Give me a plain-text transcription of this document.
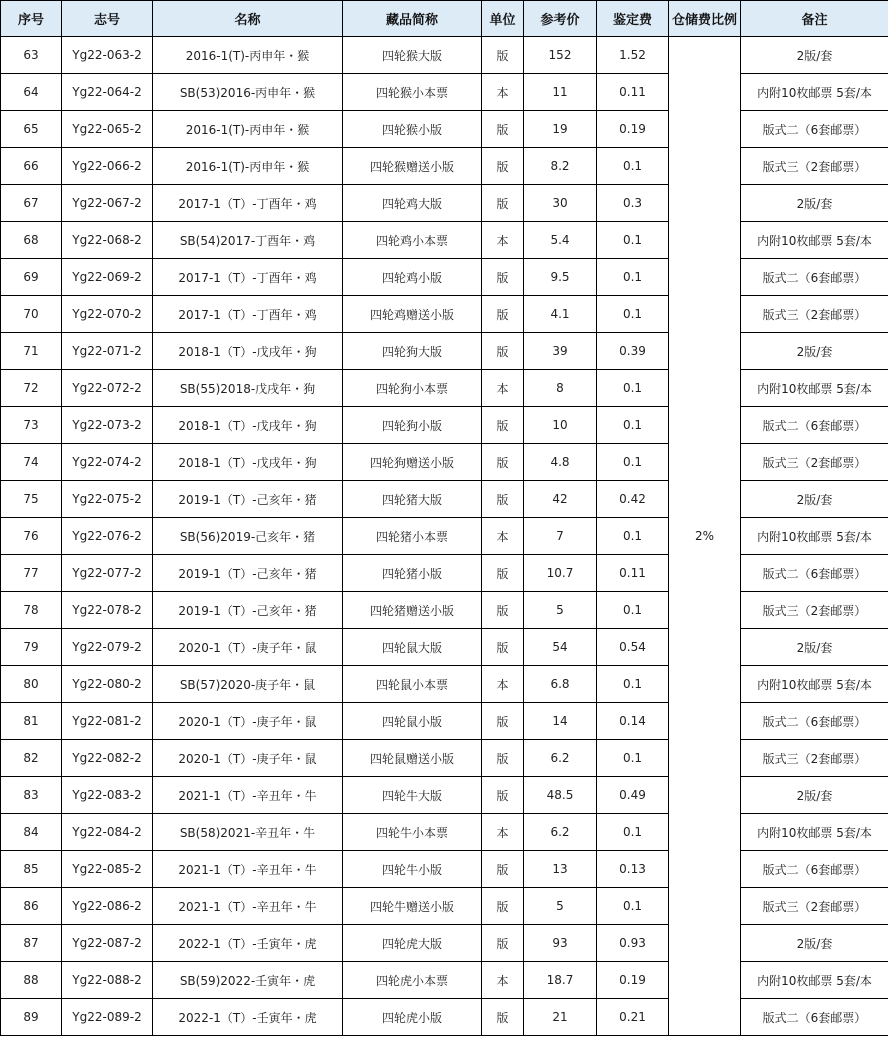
序号	志号	名称	藏品简称	单位	参考价	鉴定费	仓储费比例	备注
63	Yg22-063-2	2016-1(T)-丙申年・猴	四轮猴大版	版	152	1.52	2%	2版/套
64	Yg22-064-2	SB(53)2016-丙申年・猴	四轮猴小本票	本	11	0.11		内附10枚邮票 5套/本
65	Yg22-065-2	2016-1(T)-丙申年・猴	四轮猴小版	版	19	0.19		版式二（6套邮票）
66	Yg22-066-2	2016-1(T)-丙申年・猴	四轮猴赠送小版	版	8.2	0.1		版式三（2套邮票）
67	Yg22-067-2	2017-1（T）-丁酉年・鸡	四轮鸡大版	版	30	0.3		2版/套
68	Yg22-068-2	SB(54)2017-丁酉年・鸡	四轮鸡小本票	本	5.4	0.1		内附10枚邮票 5套/本
69	Yg22-069-2	2017-1（T）-丁酉年・鸡	四轮鸡小版	版	9.5	0.1		版式二（6套邮票）
70	Yg22-070-2	2017-1（T）-丁酉年・鸡	四轮鸡赠送小版	版	4.1	0.1		版式三（2套邮票）
71	Yg22-071-2	2018-1（T）-戊戌年・狗	四轮狗大版	版	39	0.39		2版/套
72	Yg22-072-2	SB(55)2018-戊戌年・狗	四轮狗小本票	本	8	0.1		内附10枚邮票 5套/本
73	Yg22-073-2	2018-1（T）-戊戌年・狗	四轮狗小版	版	10	0.1		版式二（6套邮票）
74	Yg22-074-2	2018-1（T）-戊戌年・狗	四轮狗赠送小版	版	4.8	0.1		版式三（2套邮票）
75	Yg22-075-2	2019-1（T）-己亥年・猪	四轮猪大版	版	42	0.42		2版/套
76	Yg22-076-2	SB(56)2019-己亥年・猪	四轮猪小本票	本	7	0.1		内附10枚邮票 5套/本
77	Yg22-077-2	2019-1（T）-己亥年・猪	四轮猪小版	版	10.7	0.11		版式二（6套邮票）
78	Yg22-078-2	2019-1（T）-己亥年・猪	四轮猪赠送小版	版	5	0.1		版式三（2套邮票）
79	Yg22-079-2	2020-1（T）-庚子年・鼠	四轮鼠大版	版	54	0.54		2版/套
80	Yg22-080-2	SB(57)2020-庚子年・鼠	四轮鼠小本票	本	6.8	0.1		内附10枚邮票 5套/本
81	Yg22-081-2	2020-1（T）-庚子年・鼠	四轮鼠小版	版	14	0.14		版式二（6套邮票）
82	Yg22-082-2	2020-1（T）-庚子年・鼠	四轮鼠赠送小版	版	6.2	0.1		版式三（2套邮票）
83	Yg22-083-2	2021-1（T）-辛丑年・牛	四轮牛大版	版	48.5	0.49		2版/套
84	Yg22-084-2	SB(58)2021-辛丑年・牛	四轮牛小本票	本	6.2	0.1		内附10枚邮票 5套/本
85	Yg22-085-2	2021-1（T）-辛丑年・牛	四轮牛小版	版	13	0.13		版式二（6套邮票）
86	Yg22-086-2	2021-1（T）-辛丑年・牛	四轮牛赠送小版	版	5	0.1		版式三（2套邮票）
87	Yg22-087-2	2022-1（T）-壬寅年・虎	四轮虎大版	版	93	0.93		2版/套
88	Yg22-088-2	SB(59)2022-壬寅年・虎	四轮虎小本票	本	18.7	0.19		内附10枚邮票 5套/本
89	Yg22-089-2	2022-1（T）-壬寅年・虎	四轮虎小版	版	21	0.21		版式二（6套邮票）
